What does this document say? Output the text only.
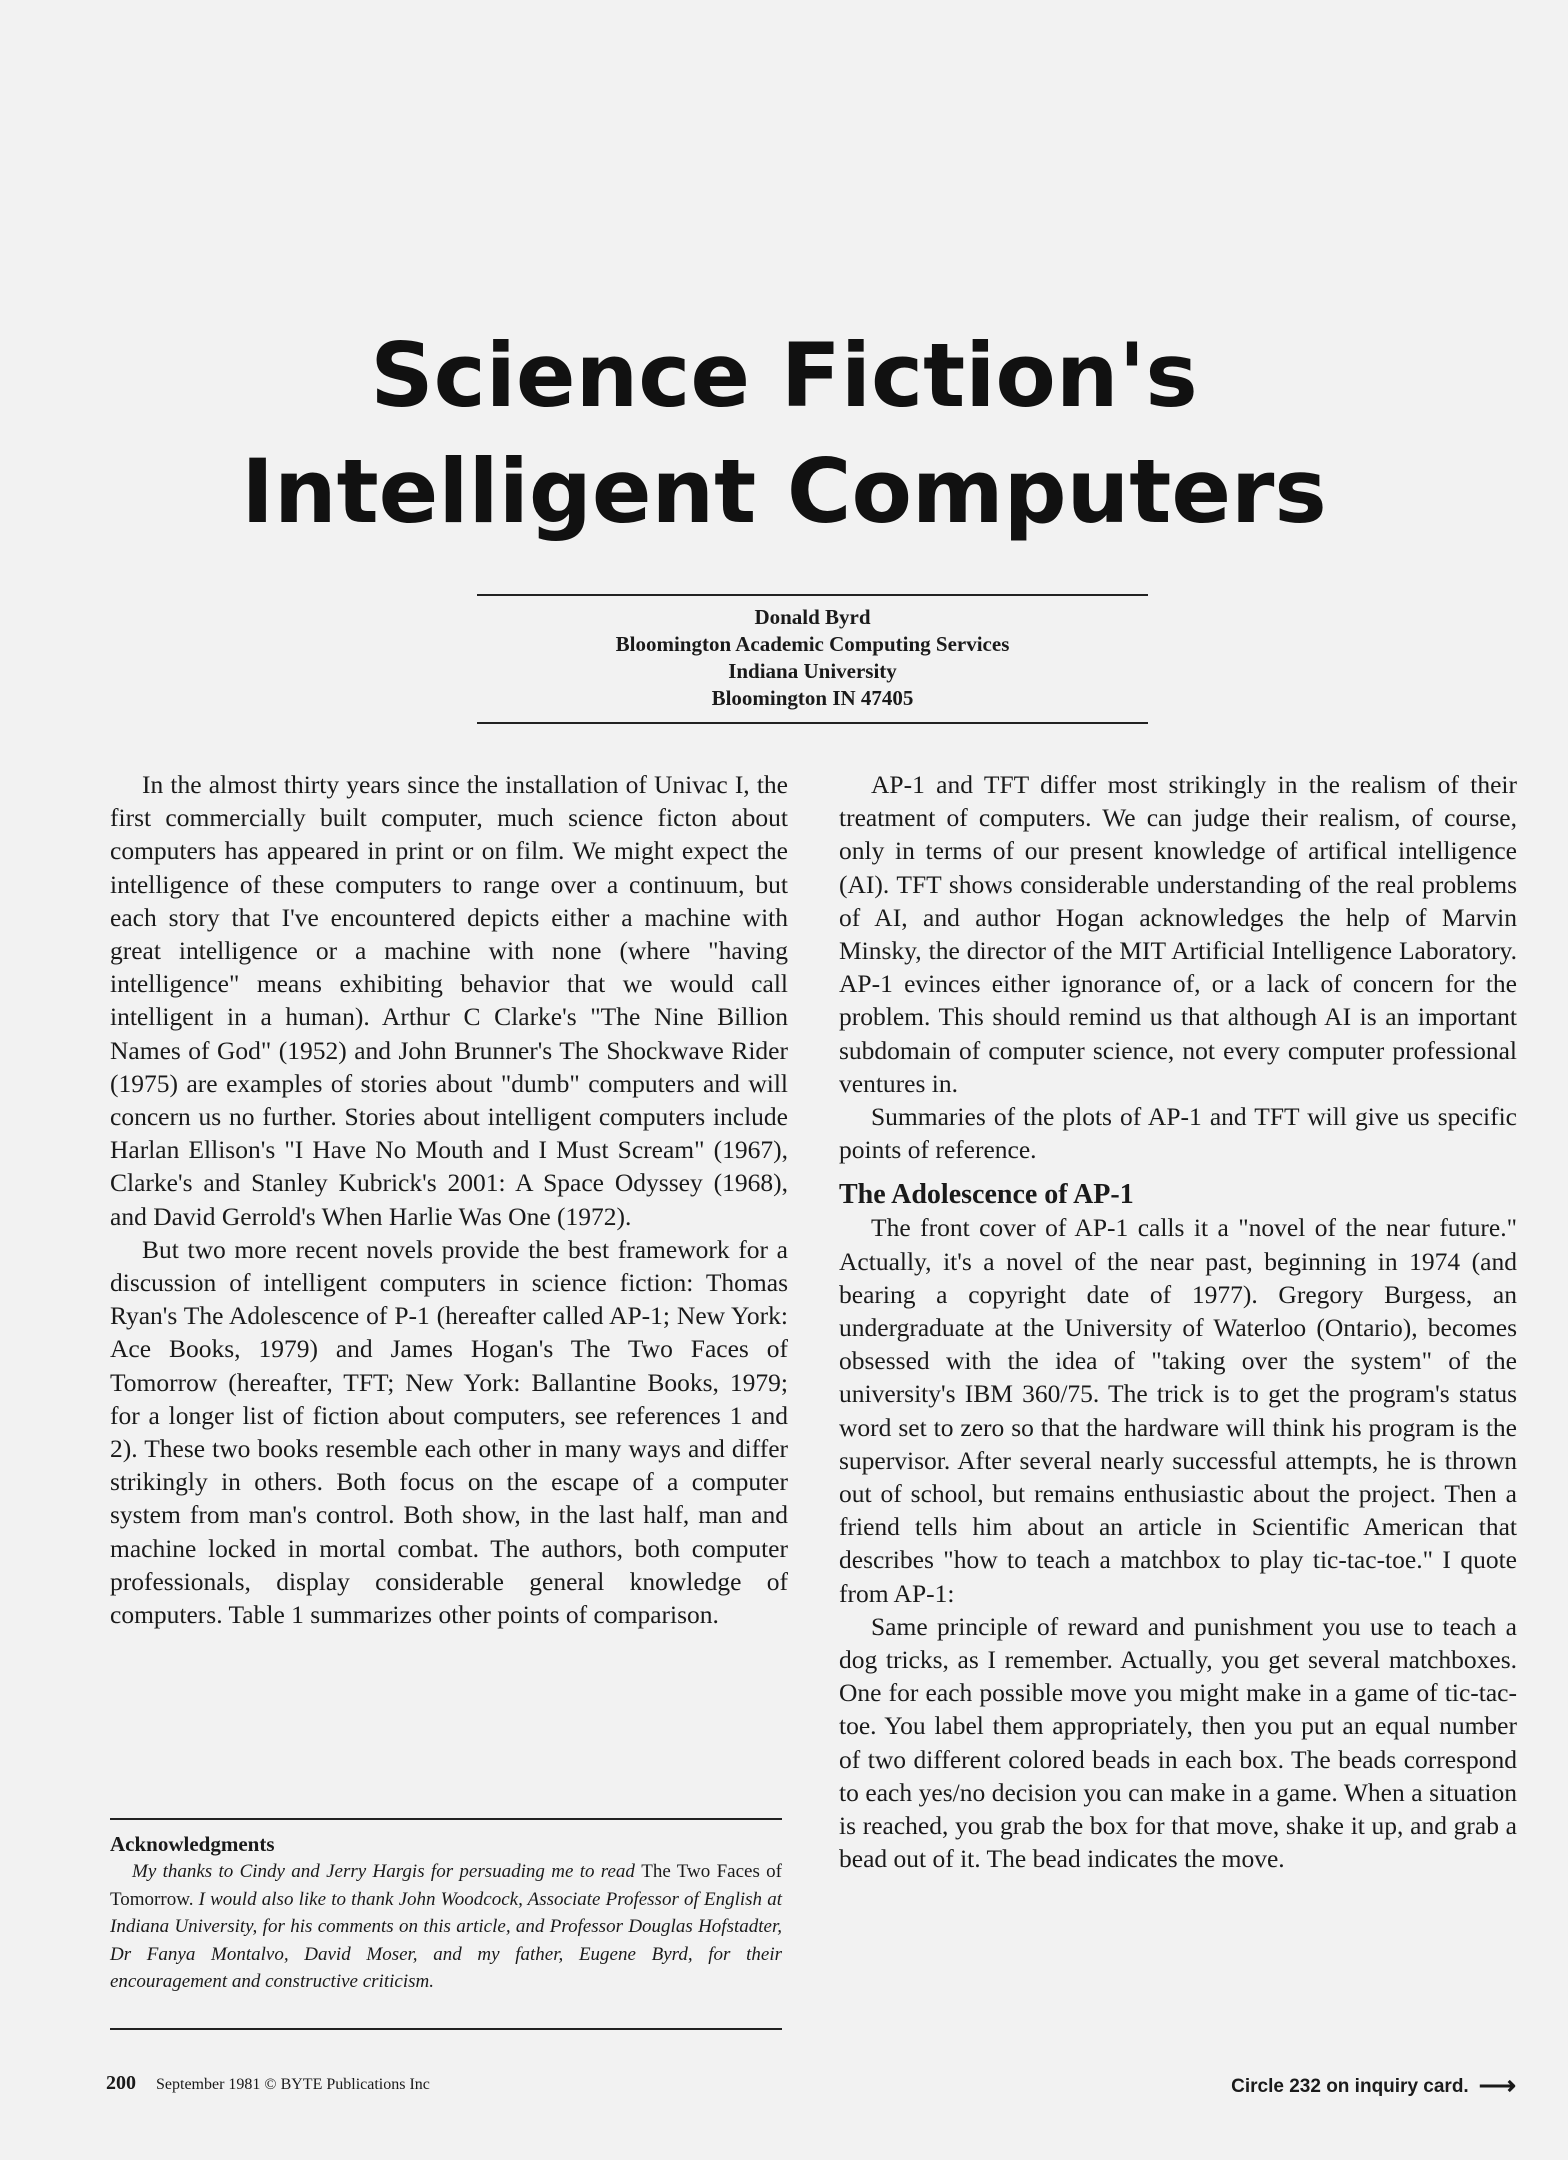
Science Fiction's
Intelligent Computers
Donald Byrd
Bloomington Academic Computing Services
Indiana University
Bloomington IN 47405

In the almost thirty years since the installation of Univac I, the first commercially built computer, much science ficton about computers has appeared in print or on film. We might expect the intelligence of these computers to range over a continuum, but each story that I've encountered depicts either a machine with great intelligence or a machine with none (where "having intelligence" means exhibiting behavior that we would call intelligent in a human). Arthur C Clarke's "The Nine Billion Names of God" (1952) and John Brunner's The Shockwave Rider (1975) are examples of stories about "dumb" computers and will concern us no further. Stories about intelligent computers include Harlan Ellison's "I Have No Mouth and I Must Scream" (1967), Clarke's and Stanley Kubrick's 2001: A Space Odyssey (1968), and David Gerrold's When Harlie Was One (1972).

But two more recent novels provide the best framework for a discussion of intelligent computers in science fiction: Thomas Ryan's The Adolescence of P-1 (hereafter called AP-1; New York: Ace Books, 1979) and James Hogan's The Two Faces of Tomorrow (hereafter, TFT; New York: Ballantine Books, 1979; for a longer list of fiction about computers, see references 1 and 2). These two books resemble each other in many ways and differ strikingly in others. Both focus on the escape of a computer system from man's control. Both show, in the last half, man and machine locked in mortal combat. The authors, both computer professionals, display considerable general knowledge of computers. Table 1 summarizes other points of comparison.

Acknowledgments

My thanks to Cindy and Jerry Hargis for persuading me to read The Two Faces of Tomorrow. I would also like to thank John Woodcock, Associate Professor of English at Indiana University, for his comments on this article, and Professor Douglas Hofstadter, Dr Fanya Montalvo, David Moser, and my father, Eugene Byrd, for their encouragement and constructive criticism.

AP-1 and TFT differ most strikingly in the realism of their treatment of computers. We can judge their realism, of course, only in terms of our present knowledge of artifical intelligence (AI). TFT shows considerable understanding of the real problems of AI, and author Hogan acknowledges the help of Marvin Minsky, the director of the MIT Artificial Intelligence Laboratory. AP-1 evinces either ignorance of, or a lack of concern for the problem. This should remind us that although AI is an important subdomain of computer science, not every computer professional ventures in.

Summaries of the plots of AP-1 and TFT will give us specific points of reference.

The Adolescence of AP-1

The front cover of AP-1 calls it a "novel of the near future." Actually, it's a novel of the near past, beginning in 1974 (and bearing a copyright date of 1977). Gregory Burgess, an undergraduate at the University of Waterloo (Ontario), becomes obsessed with the idea of "taking over the system" of the university's IBM 360/75. The trick is to get the program's status word set to zero so that the hardware will think his program is the supervisor. After several nearly successful attempts, he is thrown out of school, but remains enthusiastic about the project. Then a friend tells him about an article in Scientific American that describes "how to teach a matchbox to play tic-tac-toe." I quote from AP-1:

Same principle of reward and punishment you use to teach a dog tricks, as I remember. Actually, you get several matchboxes. One for each possible move you might make in a game of tic-tac-toe. You label them appropriately, then you put an equal number of two different colored beads in each box. The beads correspond to each yes/no decision you can make in a game. When a situation is reached, you grab the box for that move, shake it up, and grab a bead out of it. The bead indicates the move.

200 September 1981 © BYTE Publications Inc	Circle 232 on inquiry card. ⟶
